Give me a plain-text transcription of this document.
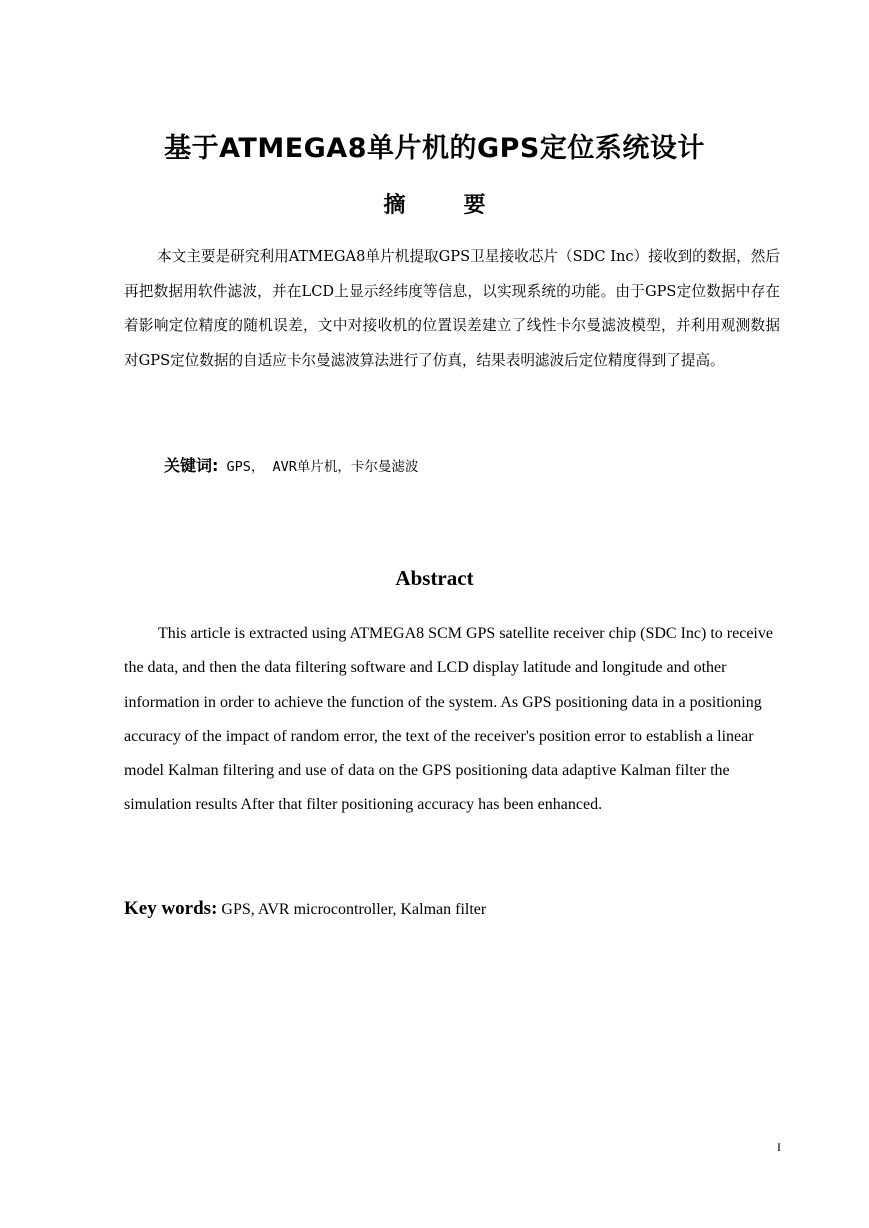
基于ATMEGA8单片机的GPS定位系统设计
摘	要

本文主要是研究利用ATMEGA8单片机提取GPS卫星接收芯片（SDC Inc）接收到的数据，然后再把数据用软件滤波，并在LCD上显示经纬度等信息，以实现系统的功能。由于GPS定位数据中存在着影响定位精度的随机误差，文中对接收机的位置误差建立了线性卡尔曼滤波模型，并利用观测数据对GPS定位数据的自适应卡尔曼滤波算法进行了仿真，结果表明滤波后定位精度得到了提高。

关键词: GPS， AVR单片机，卡尔曼滤波
Abstract

This article is extracted using ATMEGA8 SCM GPS satellite receiver chip (SDC Inc) to receive the data, and then the data filtering software and LCD display latitude and longitude and other information in order to achieve the function of the system. As GPS positioning data in a positioning accuracy of the impact of random error, the text of the receiver's position error to establish a linear model Kalman filtering and use of data on the GPS positioning data adaptive Kalman filter the simulation results After that filter positioning accuracy has been enhanced.

Key words: GPS, AVR microcontroller, Kalman filter
I
